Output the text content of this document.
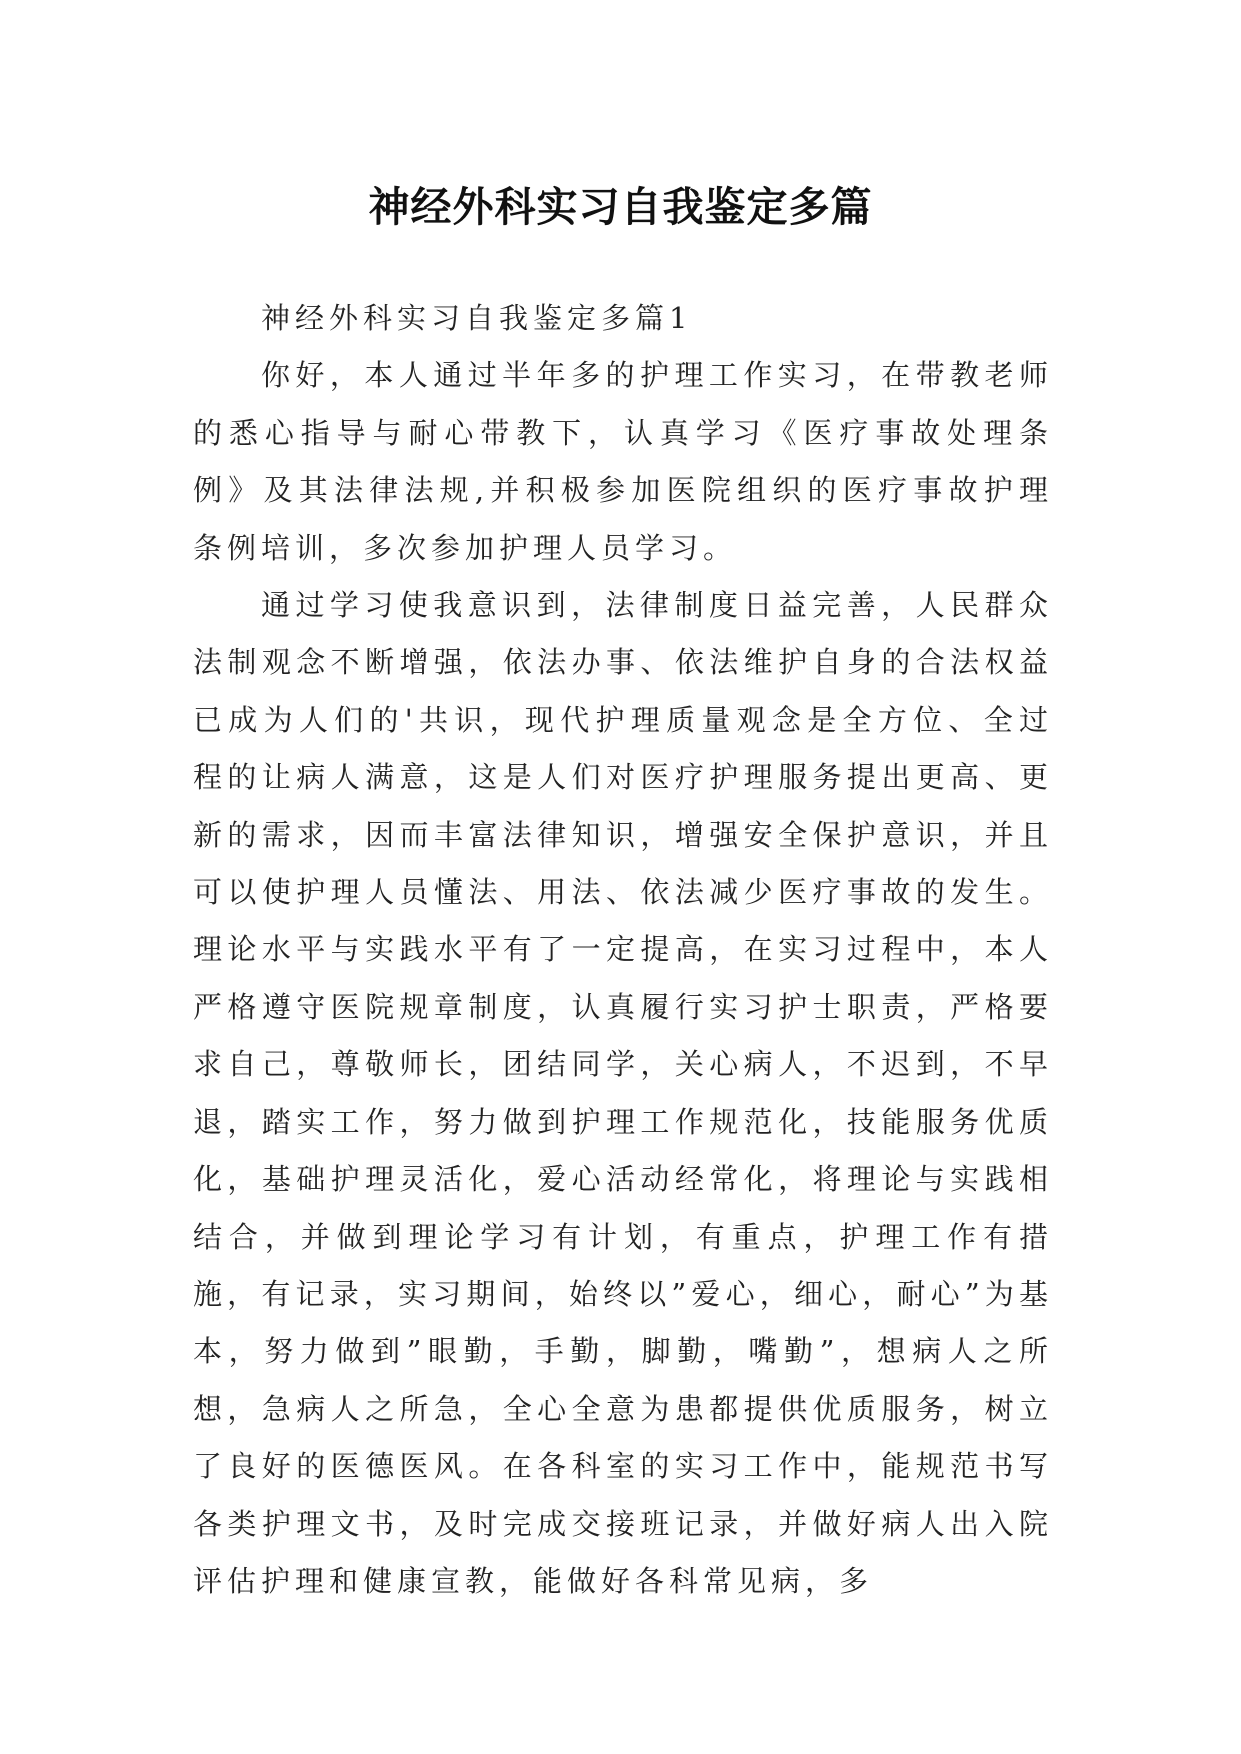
神经外科实习自我鉴定多篇

神经外科实习自我鉴定多篇1

你好，本人通过半年多的护理工作实习，在带教老师的悉心指导与耐心带教下，认真学习《医疗事故处理条例》及其法律法规,并积极参加医院组织的医疗事故护理条例培训，多次参加护理人员学习。

通过学习使我意识到，法律制度日益完善，人民群众法制观念不断增强，依法办事、依法维护自身的合法权益已成为人们的'共识，现代护理质量观念是全方位、全过程的让病人满意，这是人们对医疗护理服务提出更高、更新的需求，因而丰富法律知识，增强安全保护意识，并且可以使护理人员懂法、用法、依法减少医疗事故的发生。理论水平与实践水平有了一定提高，在实习过程中，本人严格遵守医院规章制度，认真履行实习护士职责，严格要求自己，尊敬师长，团结同学，关心病人，不迟到，不早退，踏实工作，努力做到护理工作规范化，技能服务优质化，基础护理灵活化，爱心活动经常化，将理论与实践相结合，并做到理论学习有计划，有重点，护理工作有措施，有记录，实习期间，始终以”爱心，细心，耐心”为基本，努力做到”眼勤，手勤，脚勤，嘴勤”，想病人之所想，急病人之所急，全心全意为患都提供优质服务，树立了良好的医德医风。在各科室的实习工作中，能规范书写各类护理文书，及时完成交接班记录，并做好病人出入院评估护理和健康宣教，能做好各科常见病，多
